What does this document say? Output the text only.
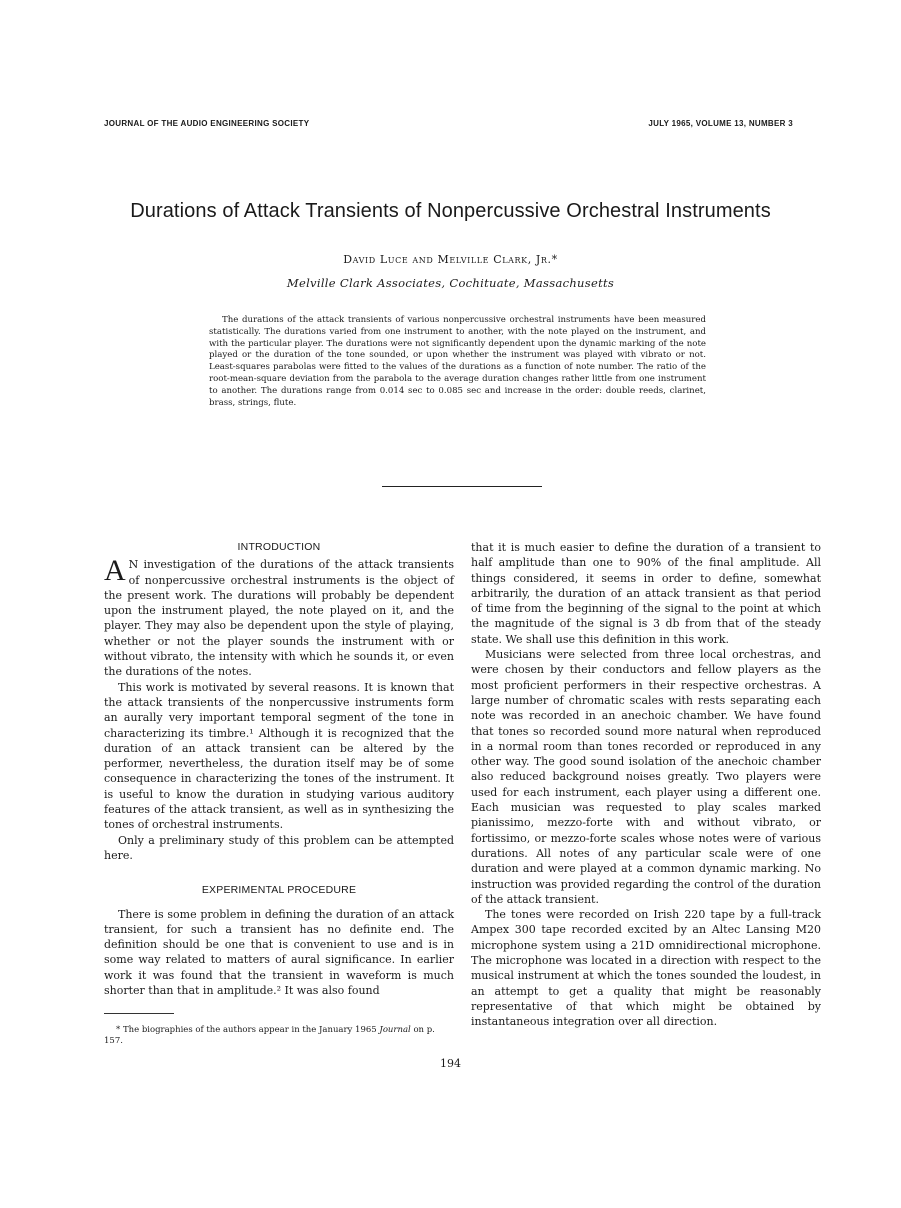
JOURNAL OF THE AUDIO ENGINEERING SOCIETY	JULY 1965, VOLUME 13, NUMBER 3
Durations of Attack Transients of Nonpercussive Orchestral Instruments
David Luce and Melville Clark, Jr.*
Melville Clark Associates, Cochituate, Massachusetts
The durations of the attack transients of various nonpercussive orchestral instruments have been measured statistically. The durations varied from one instrument to another, with the note played on the instrument, and with the particular player. The durations were not significantly dependent upon the dynamic marking of the note played or the duration of the tone sounded, or upon whether the instrument was played with vibrato or not. Least-squares parabolas were fitted to the values of the durations as a function of note number. The ratio of the root-mean-square deviation from the parabola to the average duration changes rather little from one instrument to another. The durations range from 0.014 sec to 0.085 sec and increase in the order: double reeds, clarinet, brass, strings, flute.
INTRODUCTION

A N investigation of the durations of the attack transients of nonpercussive orchestral instruments is the object of the present work. The durations will probably be dependent upon the instrument played, the note played on it, and the player. They may also be dependent upon the style of playing, whether or not the player sounds the instrument with or without vibrato, the intensity with which he sounds it, or even the durations of the notes.

This work is motivated by several reasons. It is known that the attack transients of the nonpercussive instruments form an aurally very important temporal segment of the tone in characterizing its timbre.¹ Although it is recognized that the duration of an attack transient can be altered by the performer, nevertheless, the duration itself may be of some consequence in characterizing the tones of the instrument. It is useful to know the duration in studying various auditory features of the attack transient, as well as in synthesizing the tones of orchestral instruments.

Only a preliminary study of this problem can be attempted here.

EXPERIMENTAL PROCEDURE

There is some problem in defining the duration of an attack transient, for such a transient has no definite end. The definition should be one that is convenient to use and is in some way related to matters of aural significance. In earlier work it was found that the transient in waveform is much shorter than that in amplitude.² It was also found

that it is much easier to define the duration of a transient to half amplitude than one to 90% of the final amplitude. All things considered, it seems in order to define, somewhat arbitrarily, the duration of an attack transient as that period of time from the beginning of the signal to the point at which the magnitude of the signal is 3 db from that of the steady state. We shall use this definition in this work.

Musicians were selected from three local orchestras, and were chosen by their conductors and fellow players as the most proficient performers in their respective orchestras. A large number of chromatic scales with rests separating each note was recorded in an anechoic chamber. We have found that tones so recorded sound more natural when reproduced in a normal room than tones recorded or reproduced in any other way. The good sound isolation of the anechoic chamber also reduced background noises greatly. Two players were used for each instrument, each player using a different one. Each musician was requested to play scales marked pianissimo, mezzo-forte with and without vibrato, or fortissimo, or mezzo-forte scales whose notes were of various durations. All notes of any particular scale were of one duration and were played at a common dynamic marking. No instruction was provided regarding the control of the duration of the attack transient.

The tones were recorded on Irish 220 tape by a full-track Ampex 300 tape recorded excited by an Altec Lansing M20 microphone system using a 21D omnidirectional microphone. The microphone was located in a direction with respect to the musical instrument at which the tones sounded the loudest, in an attempt to get a quality that might be reasonably representative of that which might be obtained by instantaneous integration over all direction.

* The biographies of the authors appear in the January 1965 Journal on p. 157.
194
